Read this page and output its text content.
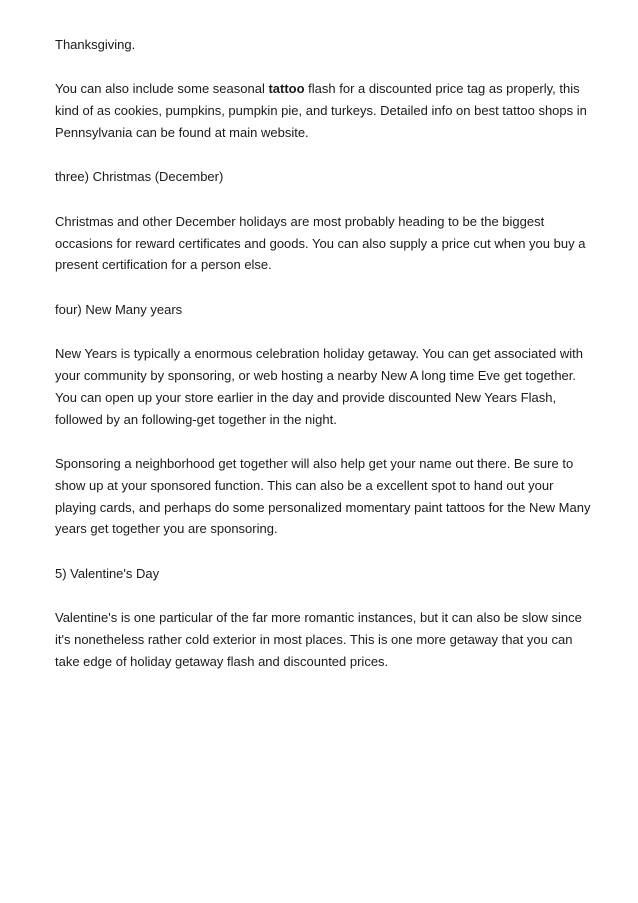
Thanksgiving.

You can also include some seasonal tattoo flash for a discounted price tag as properly, this
kind of as cookies, pumpkins, pumpkin pie, and turkeys. Detailed info on best tattoo shops in
Pennsylvania can be found at main website.

three) Christmas (December)

Christmas and other December holidays are most probably heading to be the biggest
occasions for reward certificates and goods. You can also supply a price cut when you buy a
present certification for a person else.

four) New Many years

New Years is typically a enormous celebration holiday getaway. You can get associated with
your community by sponsoring, or web hosting a nearby New A long time Eve get together.
You can open up your store earlier in the day and provide discounted New Years Flash,
followed by an following-get together in the night.

Sponsoring a neighborhood get together will also help get your name out there. Be sure to
show up at your sponsored function. This can also be a excellent spot to hand out your
playing cards, and perhaps do some personalized momentary paint tattoos for the New Many
years get together you are sponsoring.

5) Valentine's Day

Valentine's is one particular of the far more romantic instances, but it can also be slow since
it's nonetheless rather cold exterior in most places. This is one more getaway that you can
take edge of holiday getaway flash and discounted prices.
